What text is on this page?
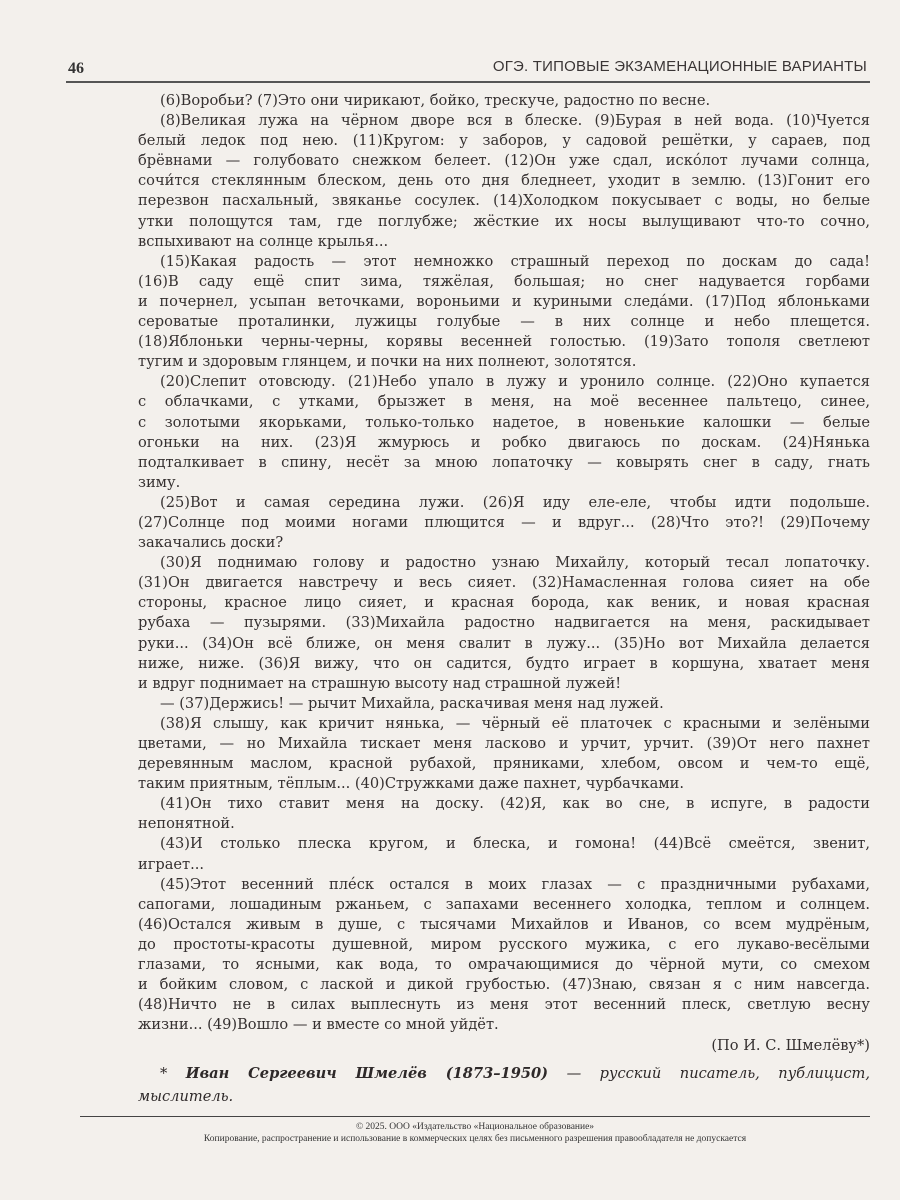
46	ОГЭ. ТИПОВЫЕ ЭКЗАМЕНАЦИОННЫЕ ВАРИАНТЫ
(6)Воробьи? (7)Это они чирикают, бойко, трескуче, радостно по весне.
(8)Великая лужа на чёрном дворе вся в блеске. (9)Бурая в ней вода. (10)Чуется
белый ледок под нею. (11)Кругом: у заборов, у садовой решётки, у сараев, под
брёвнами — голубовато снежком белеет. (12)Он уже сдал, искóлот лучами солнца,
сочи́тся стеклянным блеском, день ото дня бледнеет, уходит в землю. (13)Гонит его
перезвон пасхальный, звяканье сосулек. (14)Холодком покусывает с воды, но белые
утки полощутся там, где поглубже; жёсткие их носы вылущивают что-то сочно,
вспыхивают на солнце крылья...
(15)Какая радость — этот немножко страшный переход по доскам до сада!
(16)В саду ещё спит зима, тяжёлая, большая; но снег надувается горбами
и почернел, усыпан веточками, вороньими и куриными следáми. (17)Под яблоньками
сероватые проталинки, лужицы голубые — в них солнце и небо плещется.
(18)Яблоньки черны-черны, корявы весенней голостью. (19)Зато тополя светлеют
тугим и здоровым глянцем, и почки на них полнеют, золотятся.
(20)Слепит отовсюду. (21)Небо упало в лужу и уронило солнце. (22)Оно купается
с облачками, с утками, брызжет в меня, на моё весеннее пальтецо, синее,
с золотыми якорьками, только-только надетое, в новенькие калошки — белые
огоньки на них. (23)Я жмурюсь и робко двигаюсь по доскам. (24)Нянька
подталкивает в спину, несёт за мною лопаточку — ковырять снег в саду, гнать
зиму.
(25)Вот и самая середина лужи. (26)Я иду еле-еле, чтобы идти подольше.
(27)Солнце под моими ногами плющится — и вдруг... (28)Что это?! (29)Почему
закачались доски?
(30)Я поднимаю голову и радостно узнаю Михайлу, который тесал лопаточку.
(31)Он двигается навстречу и весь сияет. (32)Намасленная голова сияет на обе
стороны, красное лицо сияет, и красная борода, как веник, и новая красная
рубаха — пузырями. (33)Михайла радостно надвигается на меня, раскидывает
руки... (34)Он всё ближе, он меня свалит в лужу... (35)Но вот Михайла делается
ниже, ниже. (36)Я вижу, что он садится, будто играет в коршуна, хватает меня
и вдруг поднимает на страшную высоту над страшной лужей!
— (37)Держись! — рычит Михайла, раскачивая меня над лужей.
(38)Я слышу, как кричит нянька, — чёрный её платочек с красными и зелёными
цветами, — но Михайла тискает меня ласково и урчит, урчит. (39)От него пахнет
деревянным маслом, красной рубахой, пряниками, хлебом, овсом и чем-то ещё,
таким приятным, тёплым... (40)Стружками даже пахнет, чурбачками.
(41)Он тихо ставит меня на доску. (42)Я, как во сне, в испуге, в радости
непонятной.
(43)И столько плеска кругом, и блеска, и гомона! (44)Всё смеётся, звенит,
играет...
(45)Этот весенний плéск остался в моих глазах — с праздничными рубахами,
сапогами, лошадиным ржаньем, с запахами весеннего холодка, теплом и солнцем.
(46)Остался живым в душе, с тысячами Михайлов и Иванов, со всем мудрёным,
до простоты-красоты душевной, миром русского мужика, с его лукаво-весёлыми
глазами, то ясными, как вода, то омрачающимися до чёрной мути, со смехом
и бойким словом, с лаской и дикой грубостью. (47)Знаю, связан я с ним навсегда.
(48)Ничто не в силах выплеснуть из меня этот весенний плеск, светлую весну
жизни... (49)Вошло — и вместе со мной уйдёт.
(По И. С. Шмелёву*)
* Иван Сергеевич Шмелёв (1873–1950) — русский писатель, публицист,
мыслитель.
© 2025. ООО «Издательство «Национальное образование»
Копирование, распространение и использование в коммерческих целях без письменного разрешения правообладателя не допускается
